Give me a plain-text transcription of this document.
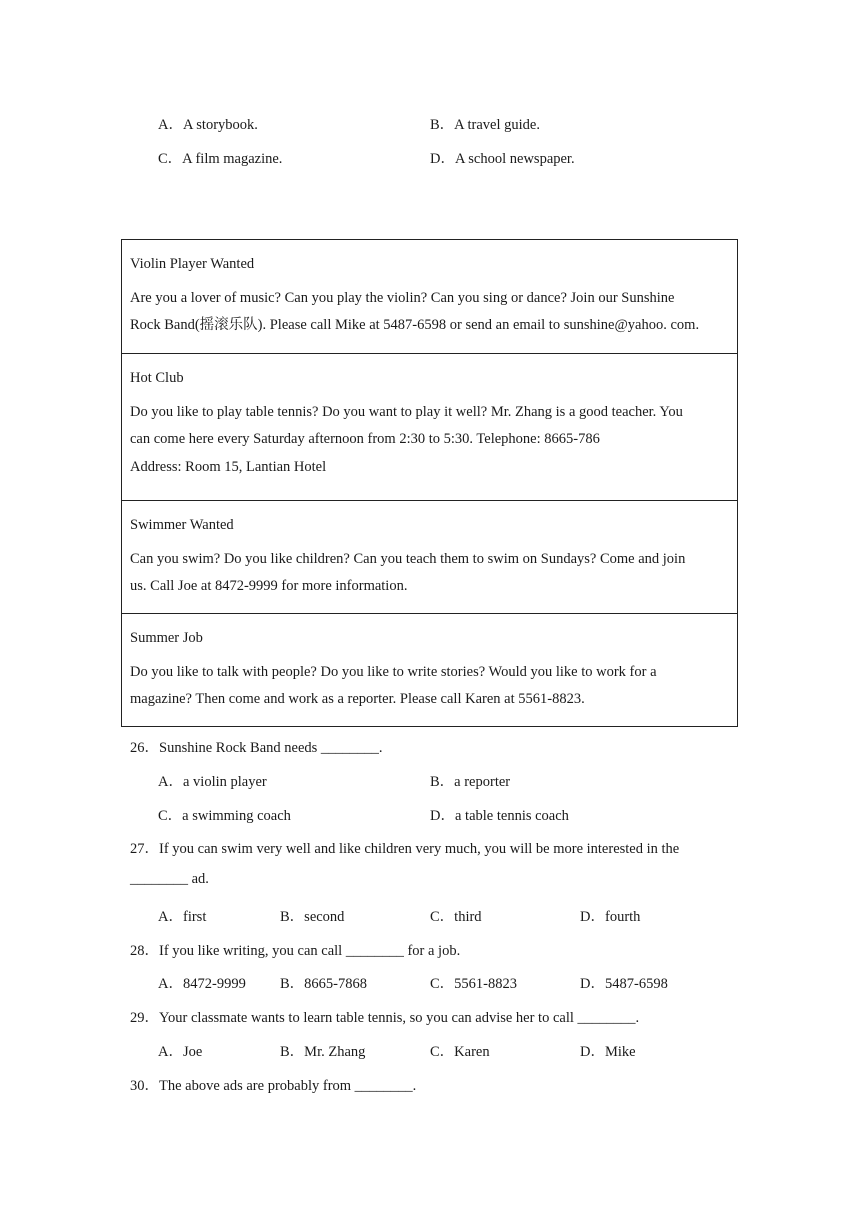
A．A storybook.	B．A travel guide.
C．A film magazine.	D．A school newspaper.
Violin Player Wanted
Are you a lover of music? Can you play the violin? Can you sing or dance? Join our Sunshine
Rock Band(摇滚乐队). Please call Mike at 5487-6598 or send an email to sunshine@yahoo. com.
Hot Club
Do you like to play table tennis? Do you want to play it well? Mr. Zhang is a good teacher. You
can come here every Saturday afternoon from 2:30 to 5:30. Telephone: 8665-786
Address: Room 15, Lantian Hotel
Swimmer Wanted
Can you swim? Do you like children? Can you teach them to swim on Sundays? Come and join
us. Call Joe at 8472-9999 for more information.
Summer Job
Do you like to talk with people? Do you like to write stories? Would you like to work for a
magazine? Then come and work as a reporter. Please call Karen at 5561-8823.
26．Sunshine Rock Band needs ________.
A．a violin player	B．a reporter
C．a swimming coach	D．a table tennis coach
27．If you can swim very well and like children very much, you will be more interested in the
________ ad.
A．first	B．second	C．third	D．fourth
28．If you like writing, you can call ________ for a job.
A．8472-9999 B．8665-7868	C．5561-8823	D．5487-6598
29．Your classmate wants to learn table tennis, so you can advise her to call ________.
A．Joe	B．Mr. Zhang	C．Karen	D．Mike
30．The above ads are probably from ________.
